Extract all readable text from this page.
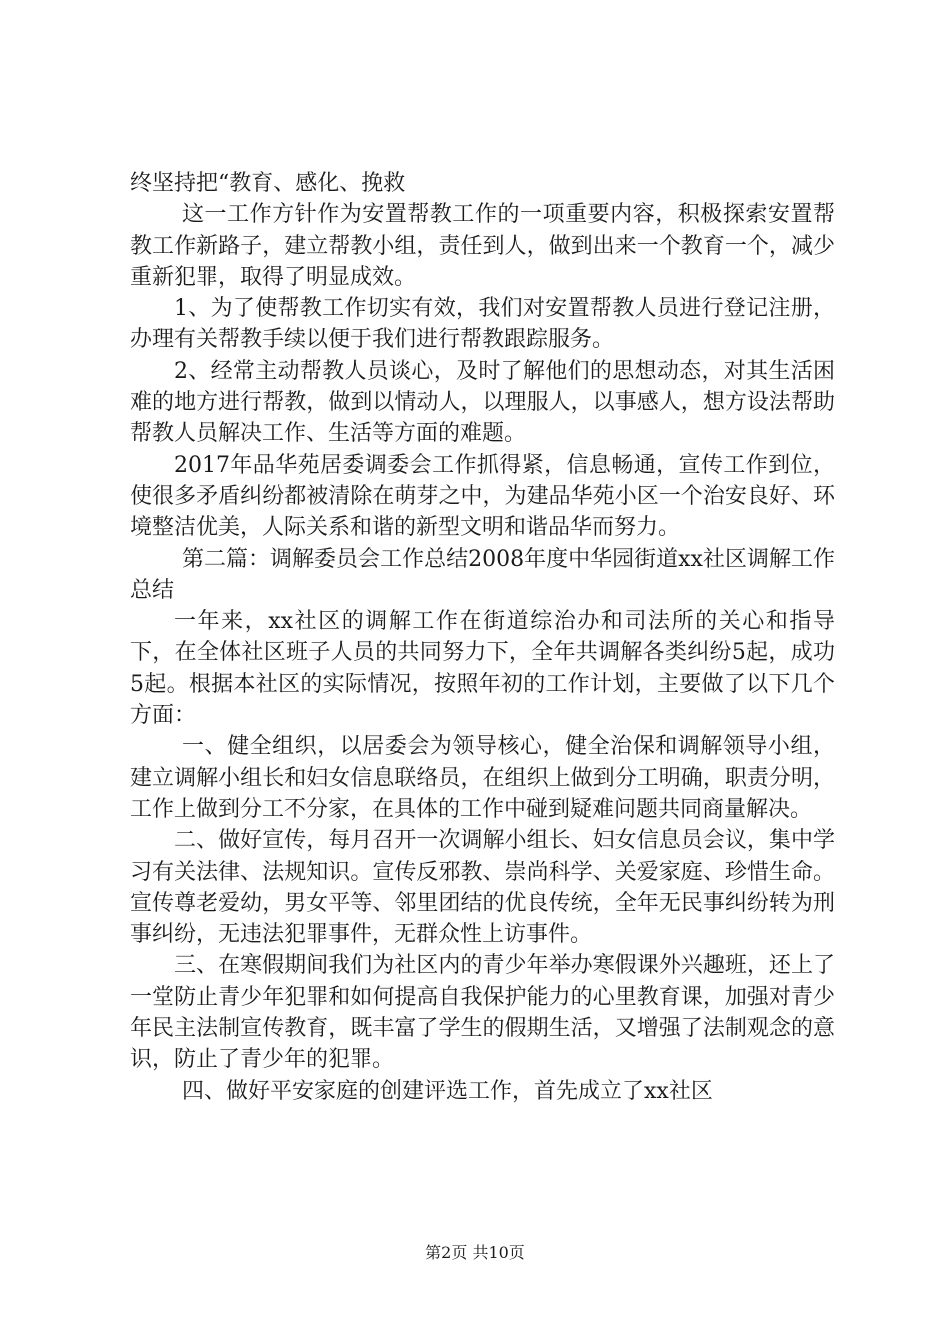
终坚持把“教育、感化、挽救

这一工作方针作为安置帮教工作的一项重要内容，积极探索安置帮教工作新路子，建立帮教小组，责任到人，做到出来一个教育一个，减少重新犯罪，取得了明显成效。

1、为了使帮教工作切实有效，我们对安置帮教人员进行登记注册，办理有关帮教手续以便于我们进行帮教跟踪服务。

2、经常主动帮教人员谈心，及时了解他们的思想动态，对其生活困难的地方进行帮教，做到以情动人，以理服人，以事感人，想方设法帮助帮教人员解决工作、生活等方面的难题。

2017年品华苑居委调委会工作抓得紧，信息畅通，宣传工作到位，使很多矛盾纠纷都被清除在萌芽之中，为建品华苑小区一个治安良好、环境整洁优美，人际关系和谐的新型文明和谐品华而努力。

第二篇：调解委员会工作总结2008年度中华园街道xx社区调解工作总结

一年来，xx社区的调解工作在街道综治办和司法所的关心和指导下，在全体社区班子人员的共同努力下，全年共调解各类纠纷5起，成功5起。根据本社区的实际情况，按照年初的工作计划，主要做了以下几个方面：

一、健全组织，以居委会为领导核心，健全治保和调解领导小组，建立调解小组长和妇女信息联络员，在组织上做到分工明确，职责分明，工作上做到分工不分家，在具体的工作中碰到疑难问题共同商量解决。

二、做好宣传，每月召开一次调解小组长、妇女信息员会议，集中学习有关法律、法规知识。宣传反邪教、崇尚科学、关爱家庭、珍惜生命。宣传尊老爱幼，男女平等、邻里团结的优良传统，全年无民事纠纷转为刑事纠纷，无违法犯罪事件，无群众性上访事件。

三、在寒假期间我们为社区内的青少年举办寒假课外兴趣班，还上了一堂防止青少年犯罪和如何提高自我保护能力的心里教育课，加强对青少年民主法制宣传教育，既丰富了学生的假期生活，又增强了法制观念的意识，防止了青少年的犯罪。

四、做好平安家庭的创建评选工作，首先成立了xx社区

第2页 共10页
